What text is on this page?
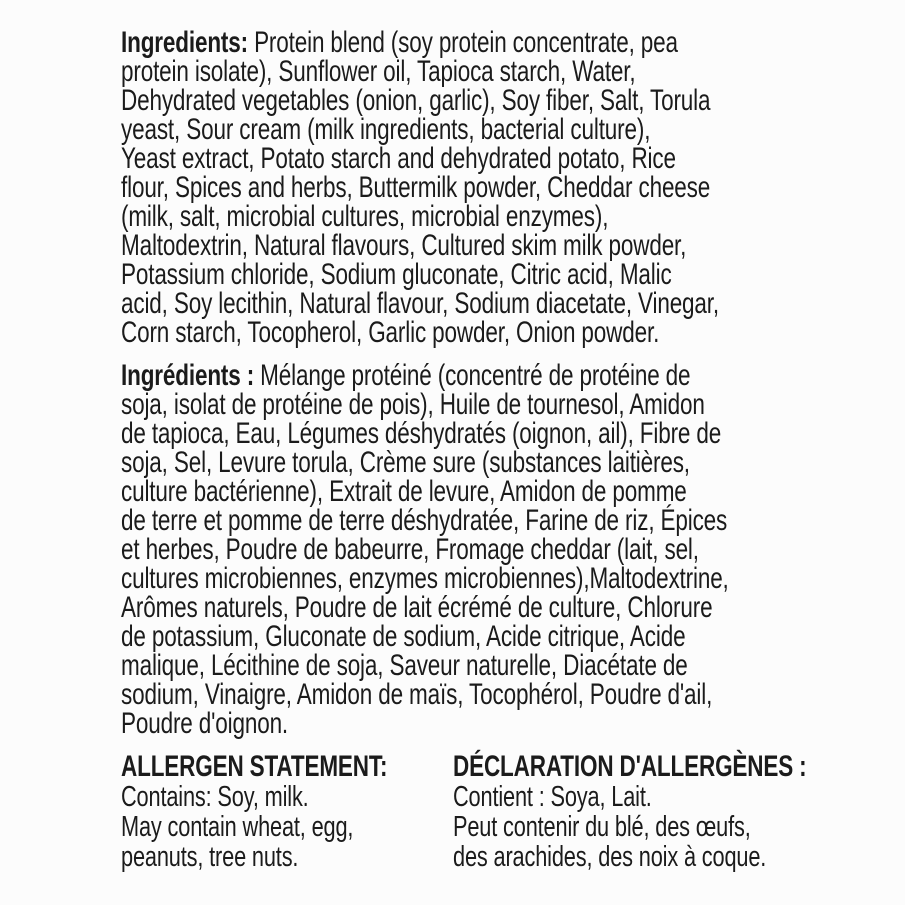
Ingredients: Protein blend (soy protein concentrate, pea
protein isolate), Sunflower oil, Tapioca starch, Water,
Dehydrated vegetables (onion, garlic), Soy fiber, Salt, Torula
yeast, Sour cream (milk ingredients, bacterial culture),
Yeast extract, Potato starch and dehydrated potato, Rice
flour, Spices and herbs, Buttermilk powder, Cheddar cheese
(milk, salt, microbial cultures, microbial enzymes),
Maltodextrin, Natural flavours, Cultured skim milk powder,
Potassium chloride, Sodium gluconate, Citric acid, Malic
acid, Soy lecithin, Natural flavour, Sodium diacetate, Vinegar,
Corn starch, Tocopherol, Garlic powder, Onion powder.
Ingrédients : Mélange protéiné (concentré de protéine de
soja, isolat de protéine de pois), Huile de tournesol, Amidon
de tapioca, Eau, Légumes déshydratés (oignon, ail), Fibre de
soja, Sel, Levure torula, Crème sure (substances laitières,
culture bactérienne), Extrait de levure, Amidon de pomme
de terre et pomme de terre déshydratée, Farine de riz, Épices
et herbes, Poudre de babeurre, Fromage cheddar (lait, sel,
cultures microbiennes, enzymes microbiennes),Maltodextrine,
Arômes naturels, Poudre de lait écrémé de culture, Chlorure
de potassium, Gluconate de sodium, Acide citrique, Acide
malique, Lécithine de soja, Saveur naturelle, Diacétate de
sodium, Vinaigre, Amidon de maïs, Tocophérol, Poudre d'ail,
Poudre d'oignon.
ALLERGEN STATEMENT:
Contains: Soy, milk.
May contain wheat, egg,
peanuts, tree nuts.
DÉCLARATION D'ALLERGÈNES :
Contient : Soya, Lait.
Peut contenir du blé, des œufs,
des arachides, des noix à coque.
